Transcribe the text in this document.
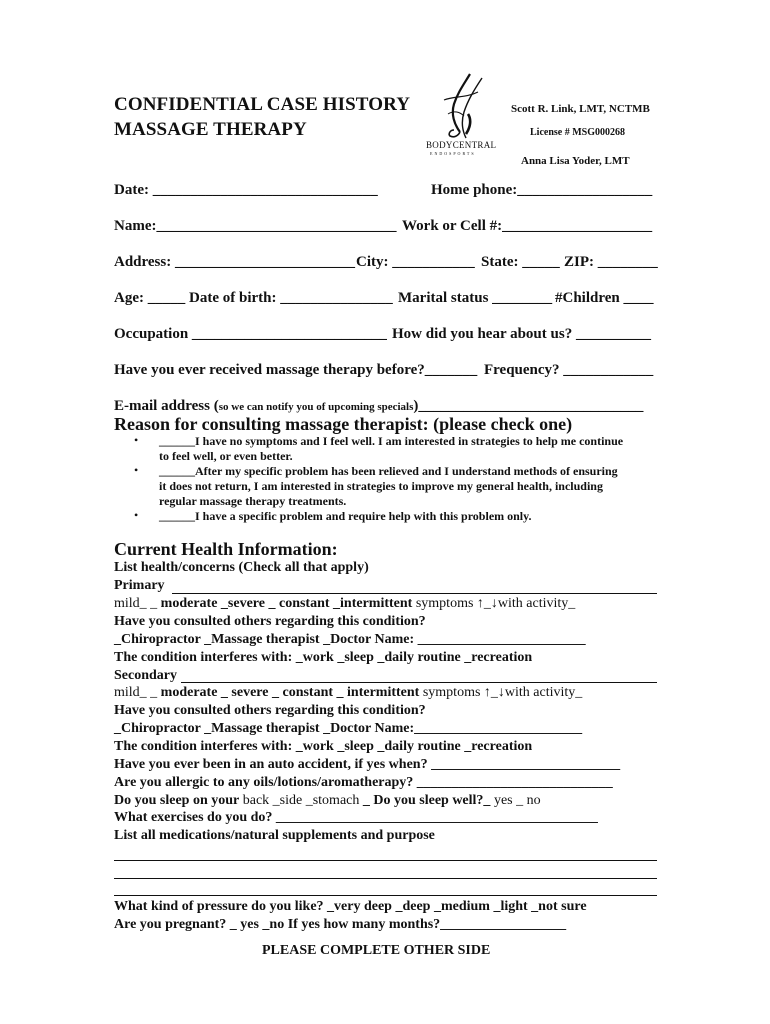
CONFIDENTIAL CASE HISTORY
MASSAGE THERAPY
BODYCENTRAL
ENDOSPORTS
Scott R. Link, LMT, NCTMB
License # MSG000268
Anna Lisa Yoder, LMT
Date: ______________________________	Home phone:__________________
Name:________________________________ Work or Cell #:____________________
Address: ________________________ City: ___________ State: _____ ZIP: ________
Age: _____ Date of birth: _______________ Marital status ________ #Children ____
Occupation __________________________ How did you hear about us? __________
Have you ever received massage therapy before?_______ Frequency? ____________
E-mail address (so we can notify you of upcoming specials)______________________________
Reason for consulting massage therapist: (please check one)
• ______I have no symptoms and I feel well. I am interested in strategies to help me continue
to feel well, or even better.
• ______After my specific problem has been relieved and I understand methods of ensuring
it does not return, I am interested in strategies to improve my general health, including
regular massage therapy treatments.
• ______I have a specific problem and require help with this problem only.
Current Health Information:
List health/concerns (Check all that apply)
Primary
mild_ _ moderate _severe _ constant _intermittent symptoms ↑_↓with activity_
Have you consulted others regarding this condition?
_Chiropractor _Massage therapist _Doctor Name: ________________________
The condition interferes with: _work _sleep _daily routine _recreation
Secondary
mild_ _ moderate _ severe _ constant _ intermittent symptoms ↑_↓with activity_
Have you consulted others regarding this condition?
_Chiropractor _Massage therapist _Doctor Name:________________________
The condition interferes with: _work _sleep _daily routine _recreation
Have you ever been in an auto accident, if yes when? ___________________________
Are you allergic to any oils/lotions/aromatherapy? ____________________________
Do you sleep on your back _side _stomach _ Do you sleep well?_ yes _ no
What exercises do you do? ______________________________________________
List all medications/natural supplements and purpose
What kind of pressure do you like? _very deep _deep _medium _light _not sure
Are you pregnant? _ yes _no If yes how many months?__________________
PLEASE COMPLETE OTHER SIDE
